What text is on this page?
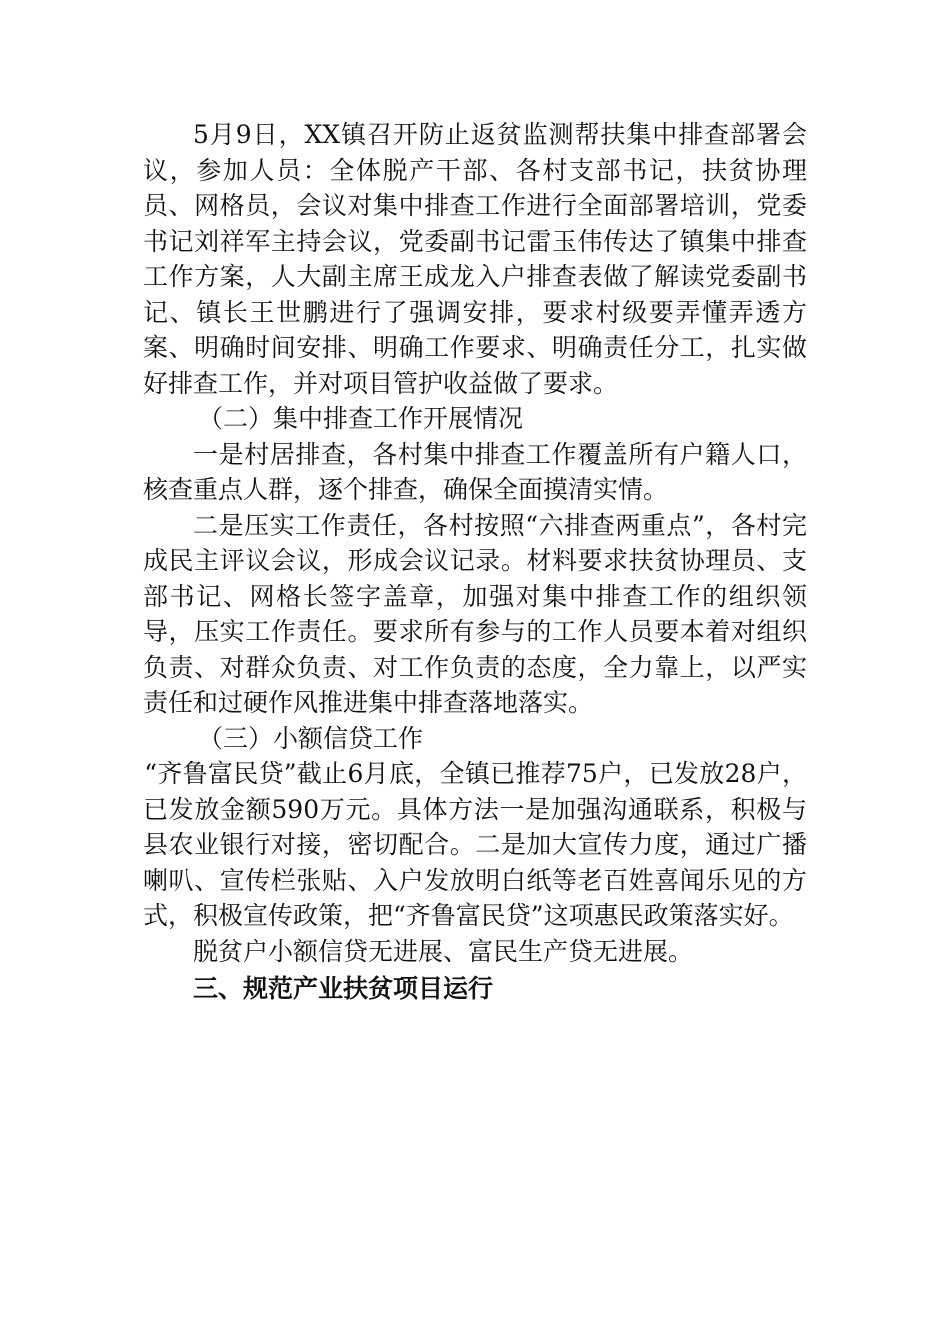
5月9日，XX镇召开防止返贫监测帮扶集中排查部署会议，参加人员：全体脱产干部、各村支部书记，扶贫协理员、网格员，会议对集中排查工作进行全面部署培训，党委书记刘祥军主持会议，党委副书记雷玉伟传达了镇集中排查工作方案，人大副主席王成龙入户排查表做了解读党委副书记、镇长王世鹏进行了强调安排，要求村级要弄懂弄透方案、明确时间安排、明确工作要求、明确责任分工，扎实做好排查工作，并对项目管护收益做了要求。

（二）集中排查工作开展情况

一是村居排查，各村集中排查工作覆盖所有户籍人口，核查重点人群，逐个排查，确保全面摸清实情。

二是压实工作责任，各村按照“六排查两重点”，各村完成民主评议会议，形成会议记录。材料要求扶贫协理员、支部书记、网格长签字盖章，加强对集中排查工作的组织领导，压实工作责任。要求所有参与的工作人员要本着对组织负责、对群众负责、对工作负责的态度，全力靠上，以严实责任和过硬作风推进集中排查落地落实。

（三）小额信贷工作

“齐鲁富民贷”截止6月底，全镇已推荐75户，已发放28户，已发放金额590万元。具体方法一是加强沟通联系，积极与县农业银行对接，密切配合。二是加大宣传力度，通过广播喇叭、宣传栏张贴、入户发放明白纸等老百姓喜闻乐见的方式，积极宣传政策，把“齐鲁富民贷”这项惠民政策落实好。

脱贫户小额信贷无进展、富民生产贷无进展。

三、规范产业扶贫项目运行
